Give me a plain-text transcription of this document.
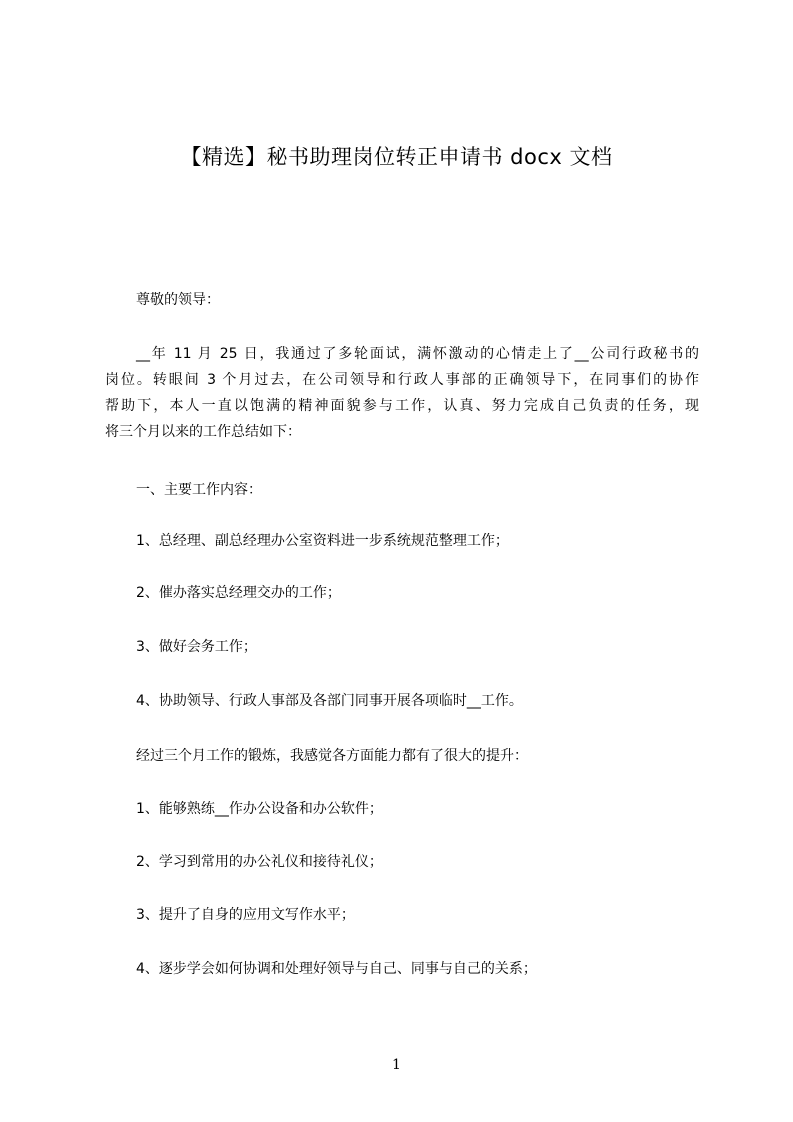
【精选】秘书助理岗位转正申请书 docx 文档
尊敬的领导：
__年 11 月 25 日，我通过了多轮面试，满怀激动的心情走上了__公司行政秘书的
岗位。转眼间 3 个月过去，在公司领导和行政人事部的正确领导下，在同事们的协作
帮助下，本人一直以饱满的精神面貌参与工作，认真、努力完成自己负责的任务，现
将三个月以来的工作总结如下：
一、主要工作内容：
1、总经理、副总经理办公室资料进一步系统规范整理工作；
2、催办落实总经理交办的工作；
3、做好会务工作；
4、协助领导、行政人事部及各部门同事开展各项临时__工作。
经过三个月工作的锻炼，我感觉各方面能力都有了很大的提升：
1、能够熟练__作办公设备和办公软件；
2、学习到常用的办公礼仪和接待礼仪；
3、提升了自身的应用文写作水平；
4、逐步学会如何协调和处理好领导与自己、同事与自己的关系；
1
